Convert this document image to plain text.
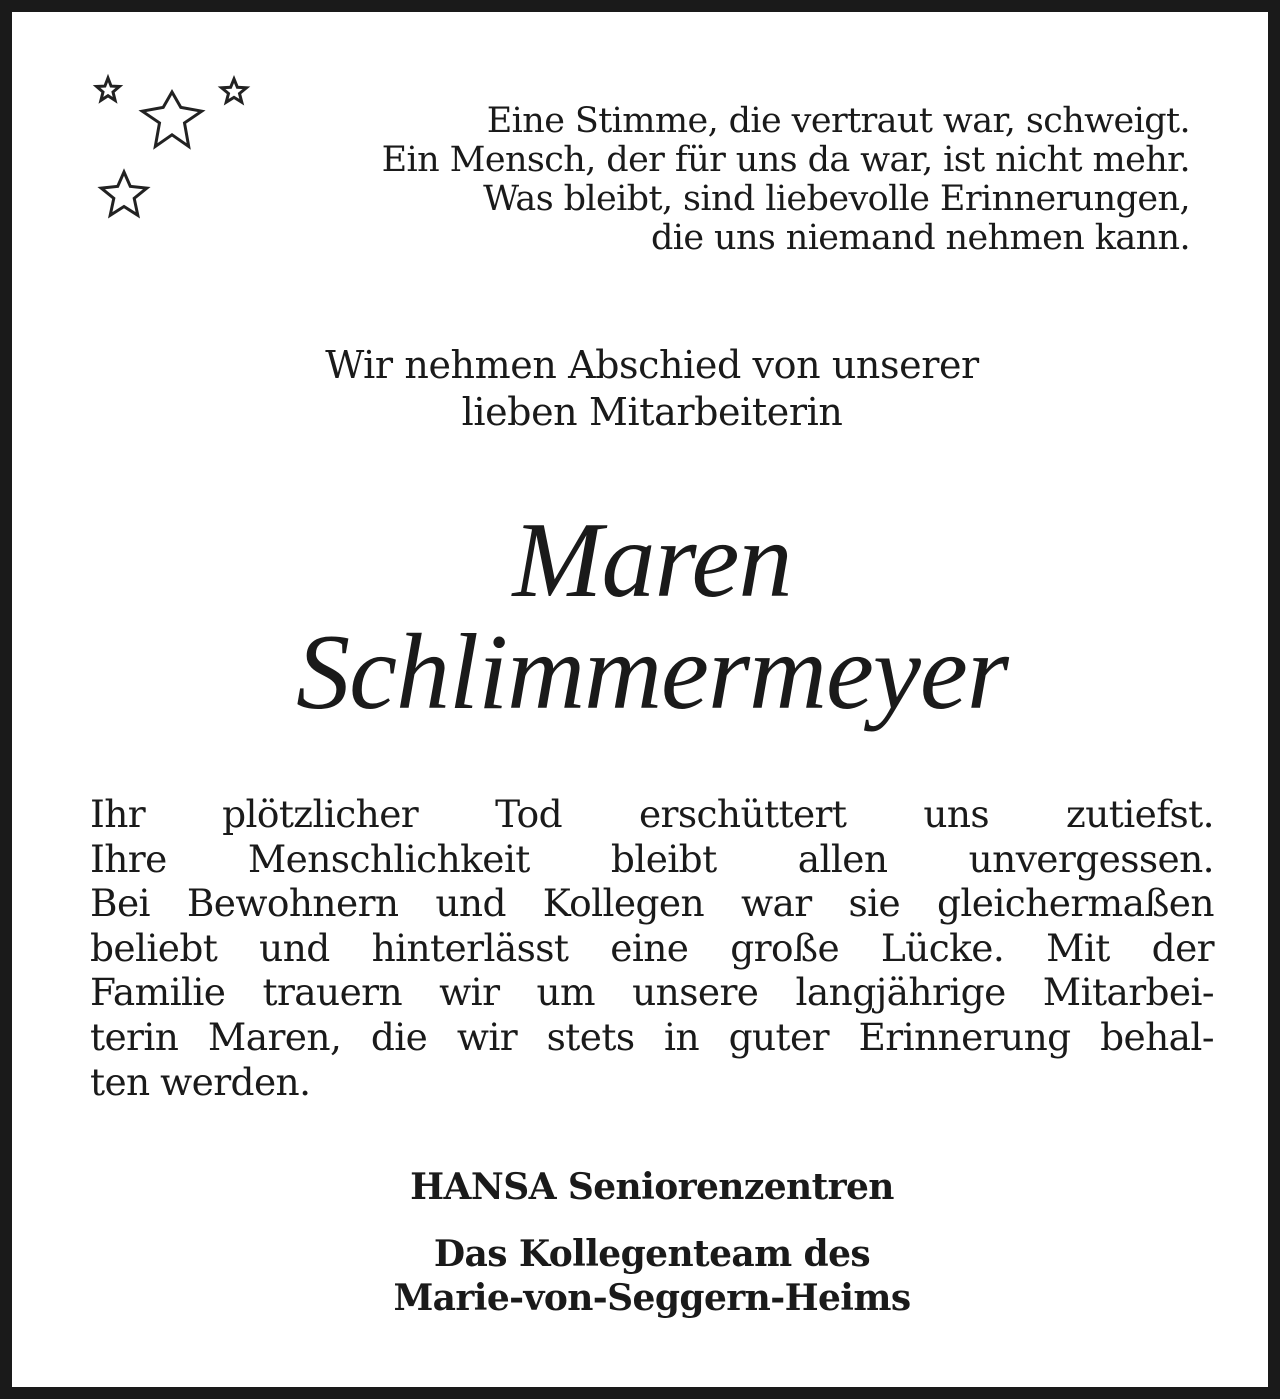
Eine Stimme, die vertraut war, schweigt.
Ein Mensch, der für uns da war, ist nicht mehr.
Was bleibt, sind liebevolle Erinnerungen,
die uns niemand nehmen kann.
Wir nehmen Abschied von unserer
lieben Mitarbeiterin
Maren
Schlimmermeyer
Ihr plötzlicher Tod erschüttert uns zutiefst.
Ihre Menschlichkeit bleibt allen unvergessen.
Bei Bewohnern und Kollegen war sie gleichermaßen
beliebt und hinterlässt eine große Lücke. Mit der
Familie trauern wir um unsere langjährige Mitarbei-
terin Maren, die wir stets in guter Erinnerung behal-
ten werden.
HANSA Seniorenzentren
Das Kollegenteam des
Marie-von-Seggern-Heims
